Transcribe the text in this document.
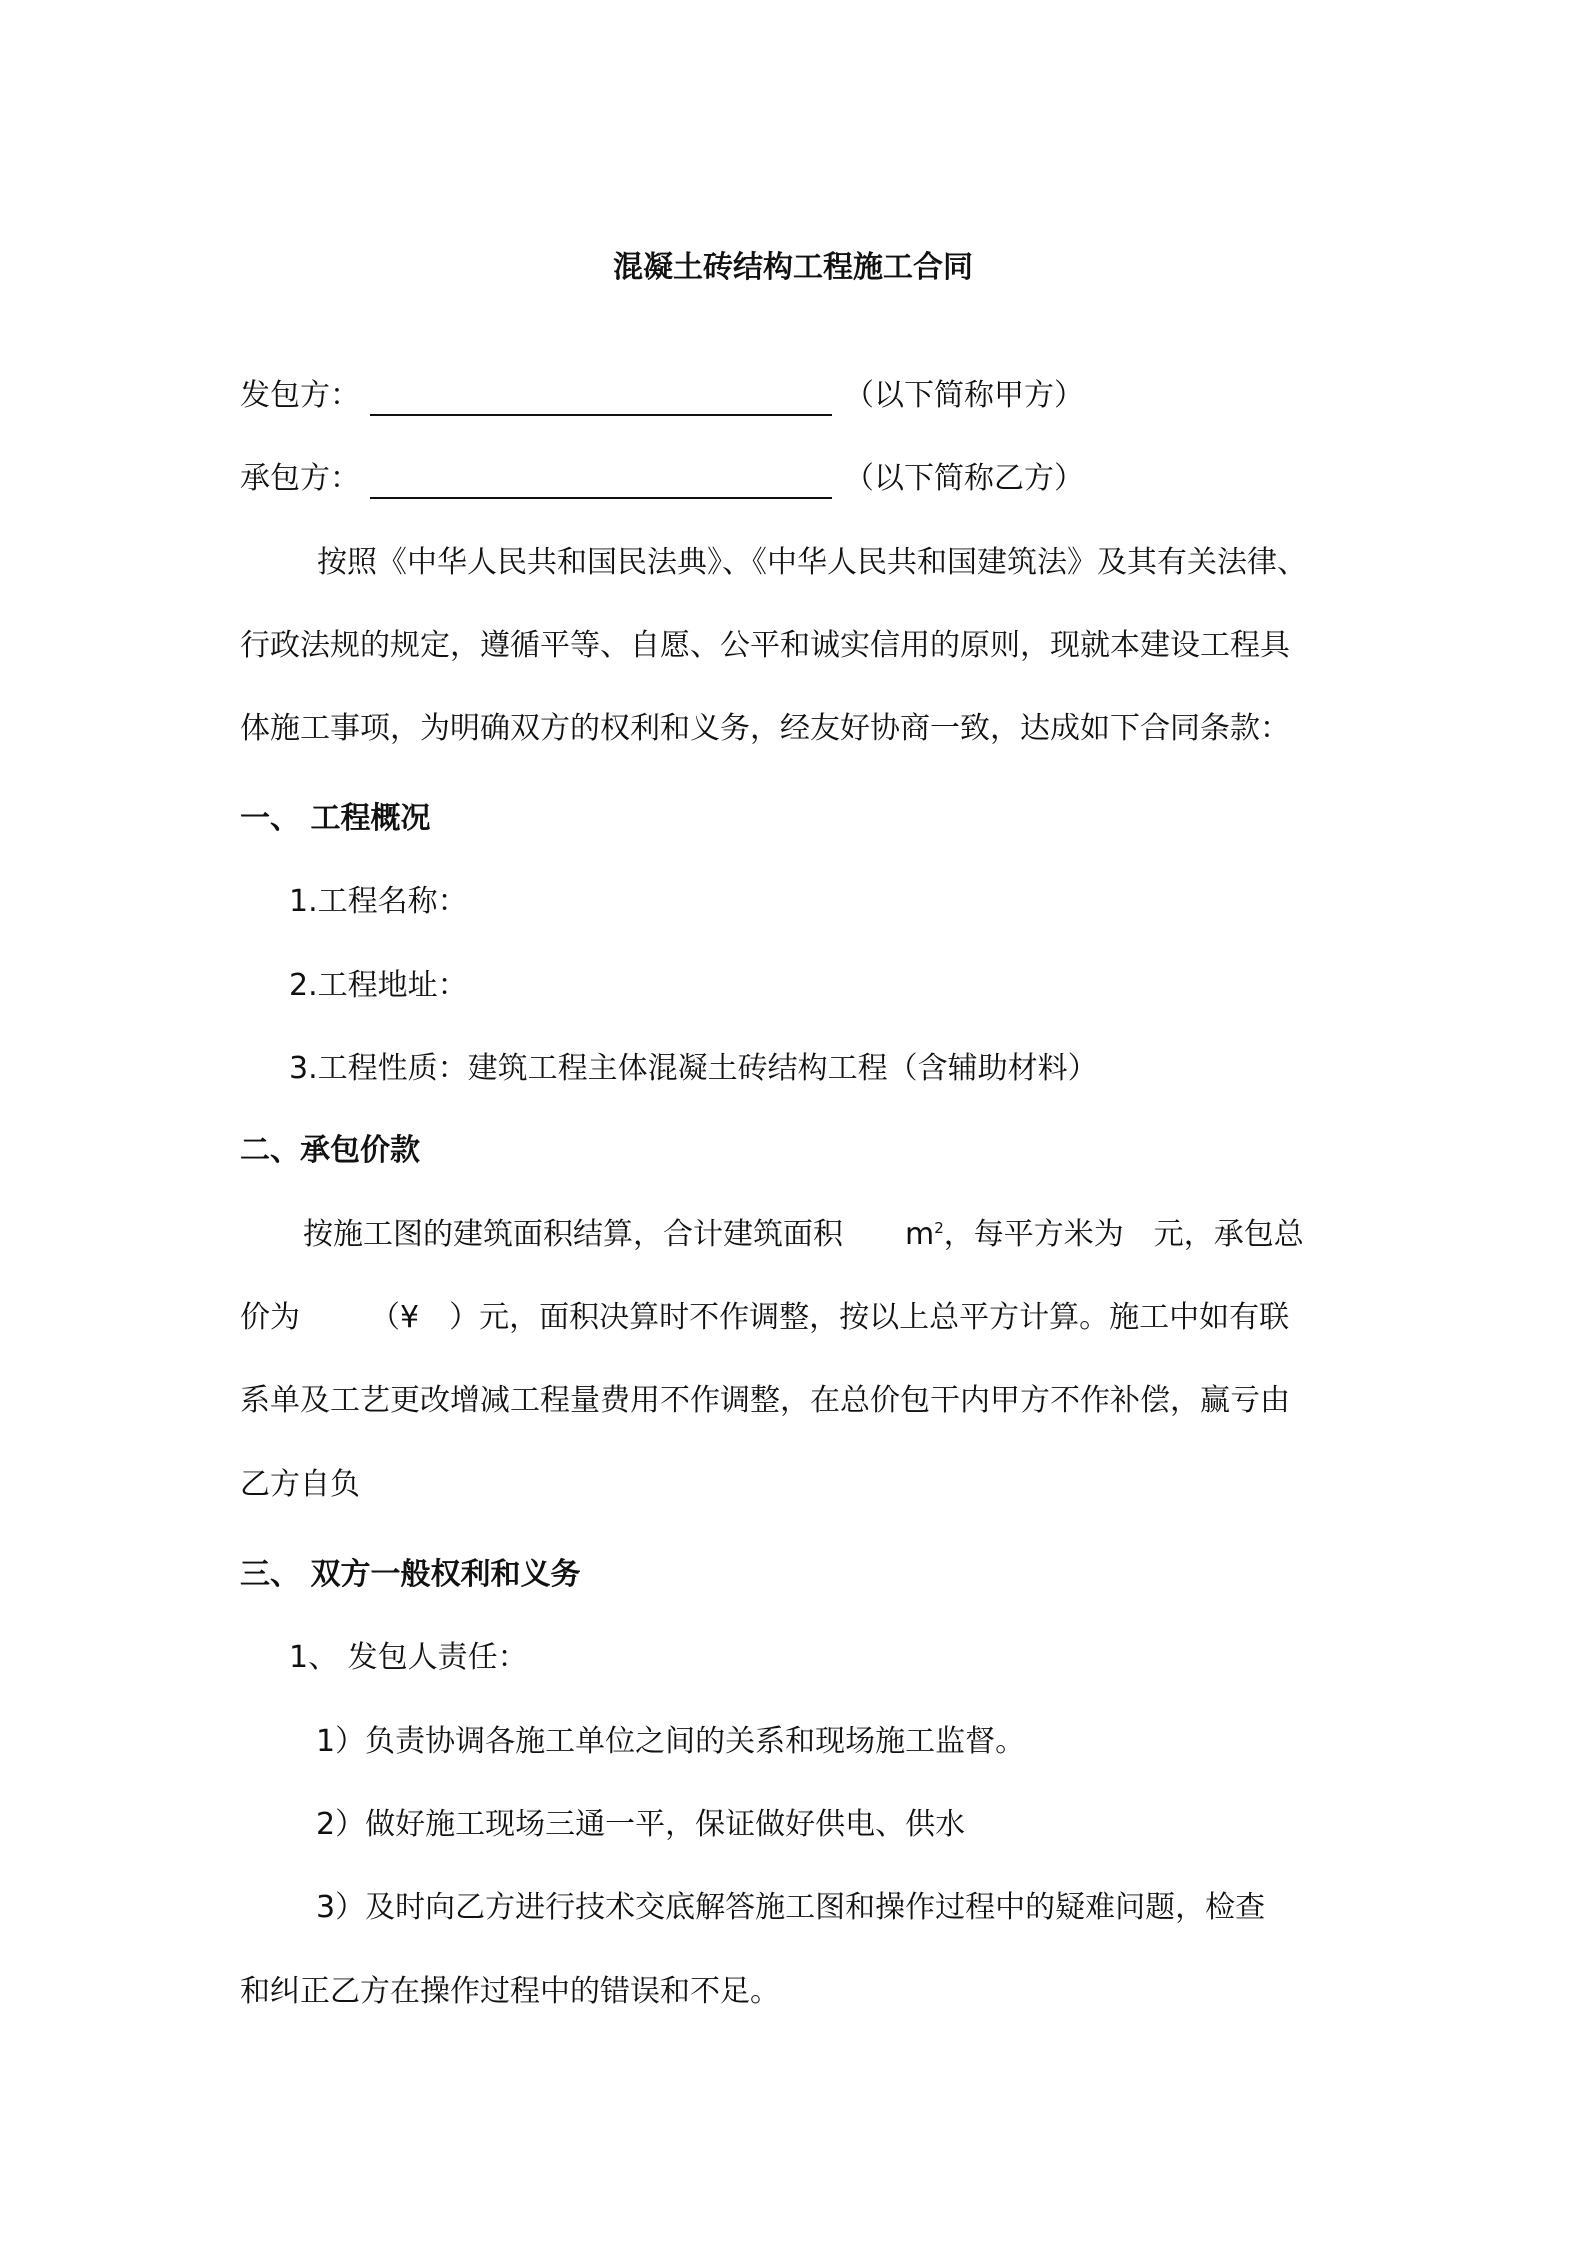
混凝土砖结构工程施工合同
发包方：	（以下简称甲方）
承包方：	（以下简称乙方）
按照《中华人民共和国民法典》、《中华人民共和国建筑法》及其有关法律、
行政法规的规定，遵循平等、自愿、公平和诚实信用的原则，现就本建设工程具
体施工事项，为明确双方的权利和义务，经友好协商一致，达成如下合同条款：
一、 工程概况
1.工程名称：
2.工程地址：
3.工程性质：建筑工程主体混凝土砖结构工程（含辅助材料）
二、承包价款
按施工图的建筑面积结算，合计建筑面积 $m^2$，每平方米为 元，承包总
价为 （¥ ）元，面积决算时不作调整，按以上总平方计算。施工中如有联
系单及工艺更改增减工程量费用不作调整，在总价包干内甲方不作补偿，赢亏由
乙方自负
三、 双方一般权利和义务
1、 发包人责任：
1）负责协调各施工单位之间的关系和现场施工监督。
2）做好施工现场三通一平，保证做好供电、供水
3）及时向乙方进行技术交底解答施工图和操作过程中的疑难问题，检查
和纠正乙方在操作过程中的错误和不足。
